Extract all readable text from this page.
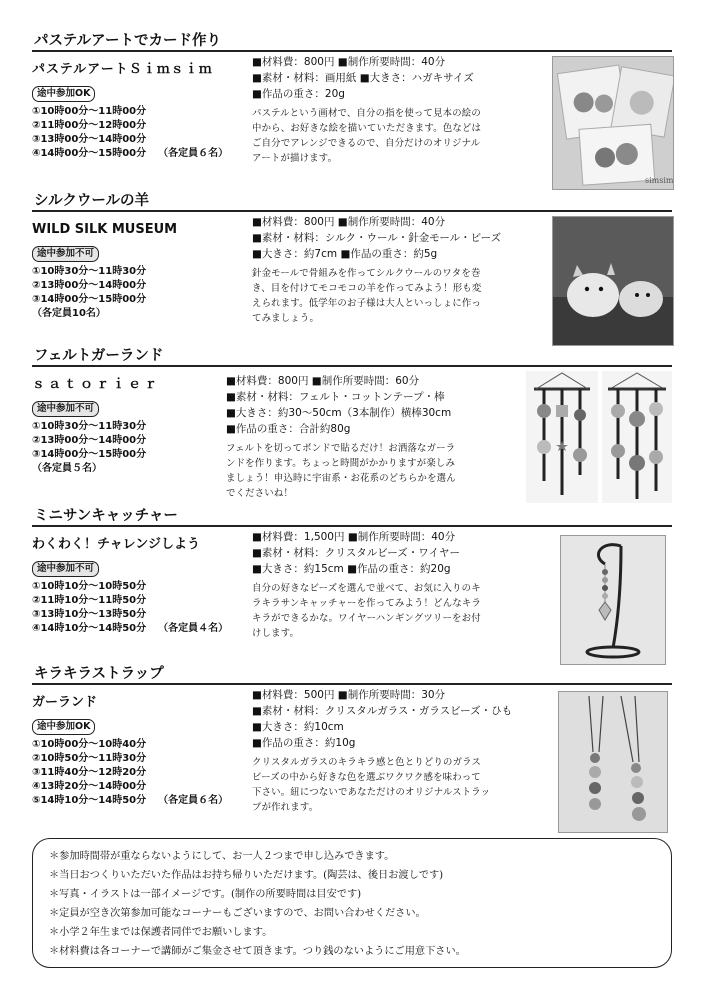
パステルアートでカード作り
パステルアートＳｉｍｓｉｍ
途中参加OK
①10時00分～11時00分
②11時00分～12時00分
③13時00分～14時00分
④14時00分～15時00分 （各定員６名）
■材料費：800円 ■制作所要時間：40分
■素材・材料：画用紙 ■大きさ：ハガキサイズ
■作品の重さ：20g
パステルという画材で、自分の指を使って見本の絵の
中から、お好きな絵を描いていただきます。色などは
ご自分でアレンジできるので、自分だけのオリジナル
アートが描けます。
simsim
シルクウールの羊
WILD SILK MUSEUM
途中参加不可
①10時30分～11時30分
②13時00分～14時00分
③14時00分～15時00分
（各定員10名）
■材料費：800円 ■制作所要時間：40分
■素材・材料：シルク・ウール・針金モール・ビーズ
■大きさ：約7cm ■作品の重さ：約5g
針金モールで骨組みを作ってシルクウールのワタを巻
き、目を付けてモコモコの羊を作ってみよう！形も変
えられます。低学年のお子様は大人といっしょに作っ
てみましょう。
フェルトガーランド
ｓａｔｏｒｉｅｒ
途中参加不可
①10時30分～11時30分
②13時00分～14時00分
③14時00分～15時00分
（各定員５名）
■材料費：800円 ■制作所要時間：60分
■素材・材料：フェルト・コットンテープ・棒
■大きさ：約30～50cm（3本制作）横棒30cm
■作品の重さ：合計約80g
フェルトを切ってボンドで貼るだけ！お洒落なガーラ
ンドを作ります。ちょっと時間がかかりますが楽しみ
ましょう！申込時に宇宙系・お花系のどちらかを選ん
でくださいね！
ミニサンキャッチャー
わくわく！チャレンジしよう
途中参加不可
①10時10分～10時50分
②11時10分～11時50分
③13時10分～13時50分
④14時10分～14時50分 （各定員４名）
■材料費：1,500円 ■制作所要時間：40分
■素材・材料：クリスタルビーズ・ワイヤー
■大きさ：約15cm ■作品の重さ：約20g
自分の好きなビーズを選んで並べて、お気に入りのキ
ラキラサンキャッチャーを作ってみよう！どんなキラ
キラができるかな。ワイヤーハンギングツリーをお付
けします。
キラキラストラップ
ガーランド
途中参加OK
①10時00分～10時40分
②10時50分～11時30分
③11時40分～12時20分
④13時20分～14時00分
⑤14時10分～14時50分 （各定員６名）
■材料費：500円 ■制作所要時間：30分
■素材・材料：クリスタルガラス・ガラスビーズ・ひも
■大きさ：約10cm
■作品の重さ：約10g
クリスタルガラスのキラキラ感と色とりどりのガラス
ビーズの中から好きな色を選ぶワクワク感を味わって
下さい。紐につないであなただけのオリジナルストラッ
プが作れます。
＊参加時間帯が重ならないようにして、お一人２つまで申し込みできます。
＊当日おつくりいただいた作品はお持ち帰りいただけます。(陶芸は、後日お渡しです)
＊写真・イラストは一部イメージです。(制作の所要時間は目安です)
＊定員が空き次第参加可能なコーナーもございますので、お問い合わせください。
＊小学２年生までは保護者同伴でお願いします。
＊材料費は各コーナーで講師がご集金させて頂きます。つり銭のないようにご用意下さい。
